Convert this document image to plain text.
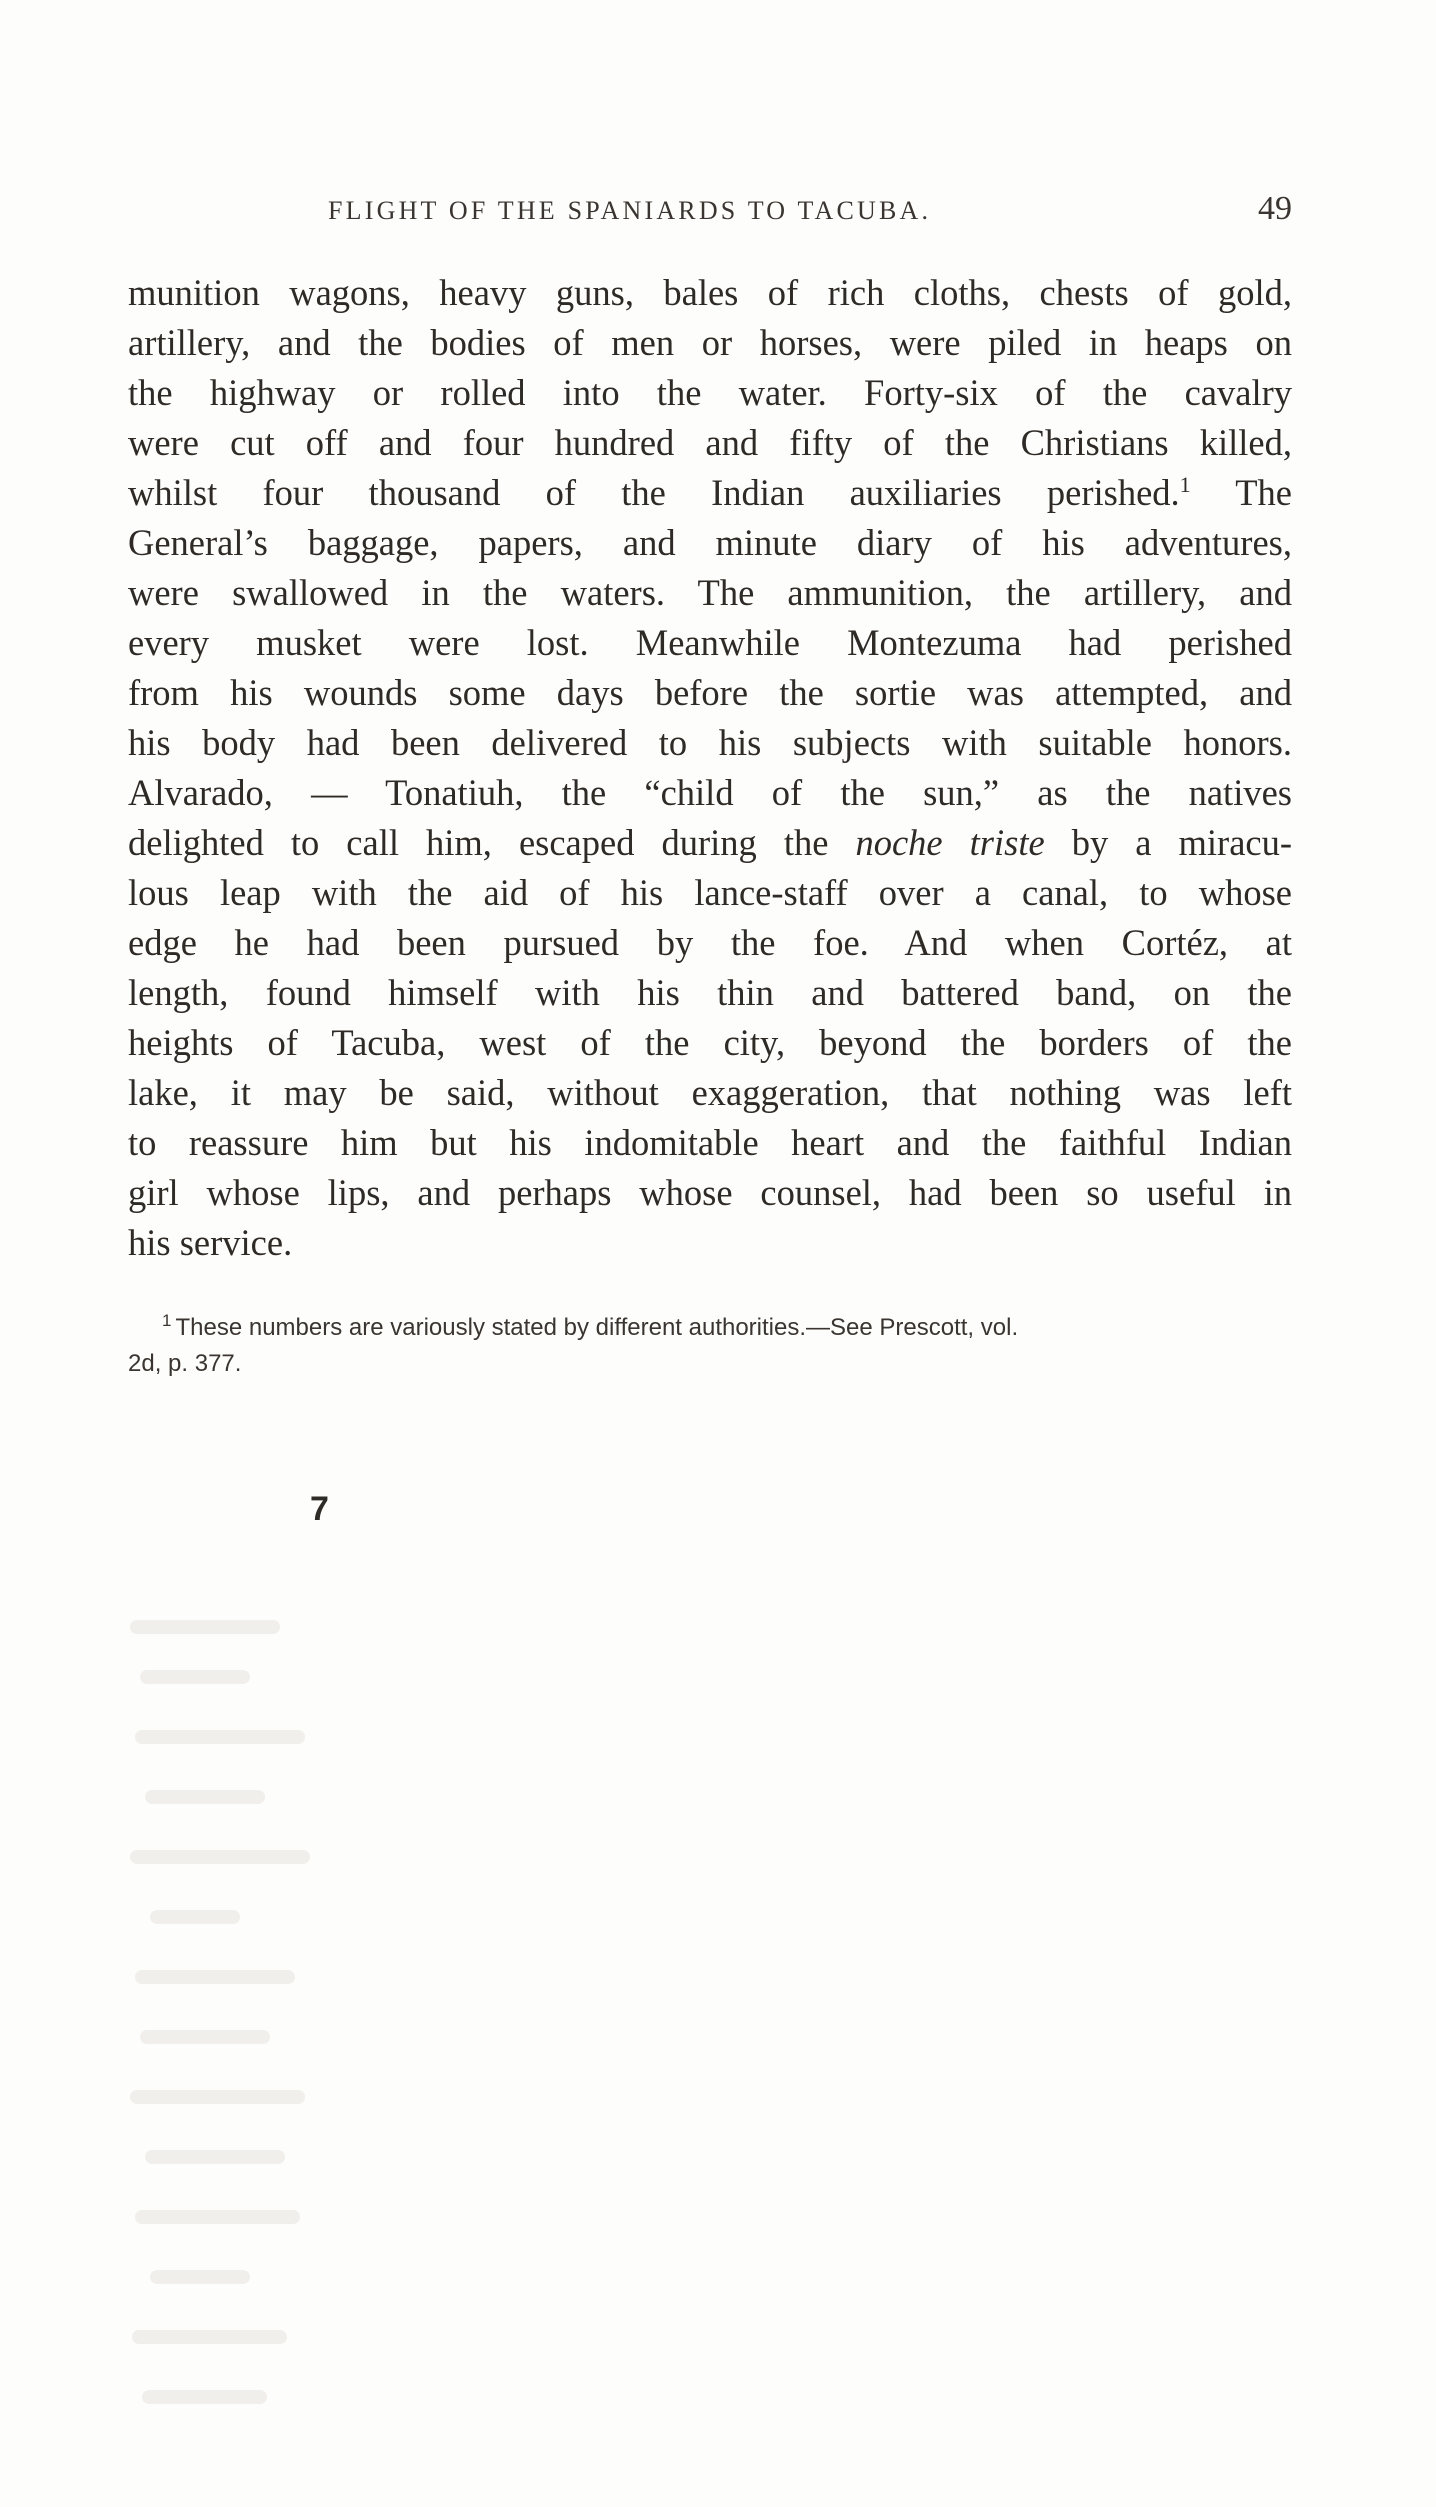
FLIGHT OF THE SPANIARDS TO TACUBA.	49
munition wagons, heavy guns, bales of rich cloths, chests of gold,
artillery, and the bodies of men or horses, were piled in heaps on
the highway or rolled into the water. Forty-six of the cavalry
were cut off and four hundred and fifty of the Christians killed,
whilst four thousand of the Indian auxiliaries perished.$^1$ The
General’s baggage, papers, and minute diary of his adventures,
were swallowed in the waters. The ammunition, the artillery, and
every musket were lost. Meanwhile Montezuma had perished
from his wounds some days before the sortie was attempted, and
his body had been delivered to his subjects with suitable honors.
Alvarado, — Tonatiuh, the “child of the sun,” as the natives
delighted to call him, escaped during the noche triste by a miracu-
lous leap with the aid of his lance-staff over a canal, to whose
edge he had been pursued by the foe. And when Cortéz, at
length, found himself with his thin and battered band, on the
heights of Tacuba, west of the city, beyond the borders of the
lake, it may be said, without exaggeration, that nothing was left
to reassure him but his indomitable heart and the faithful Indian
girl whose lips, and perhaps whose counsel, had been so useful in
his service.
$^1$ These numbers are variously stated by different authorities.—See Prescott, vol.
2d, p. 377.
7
